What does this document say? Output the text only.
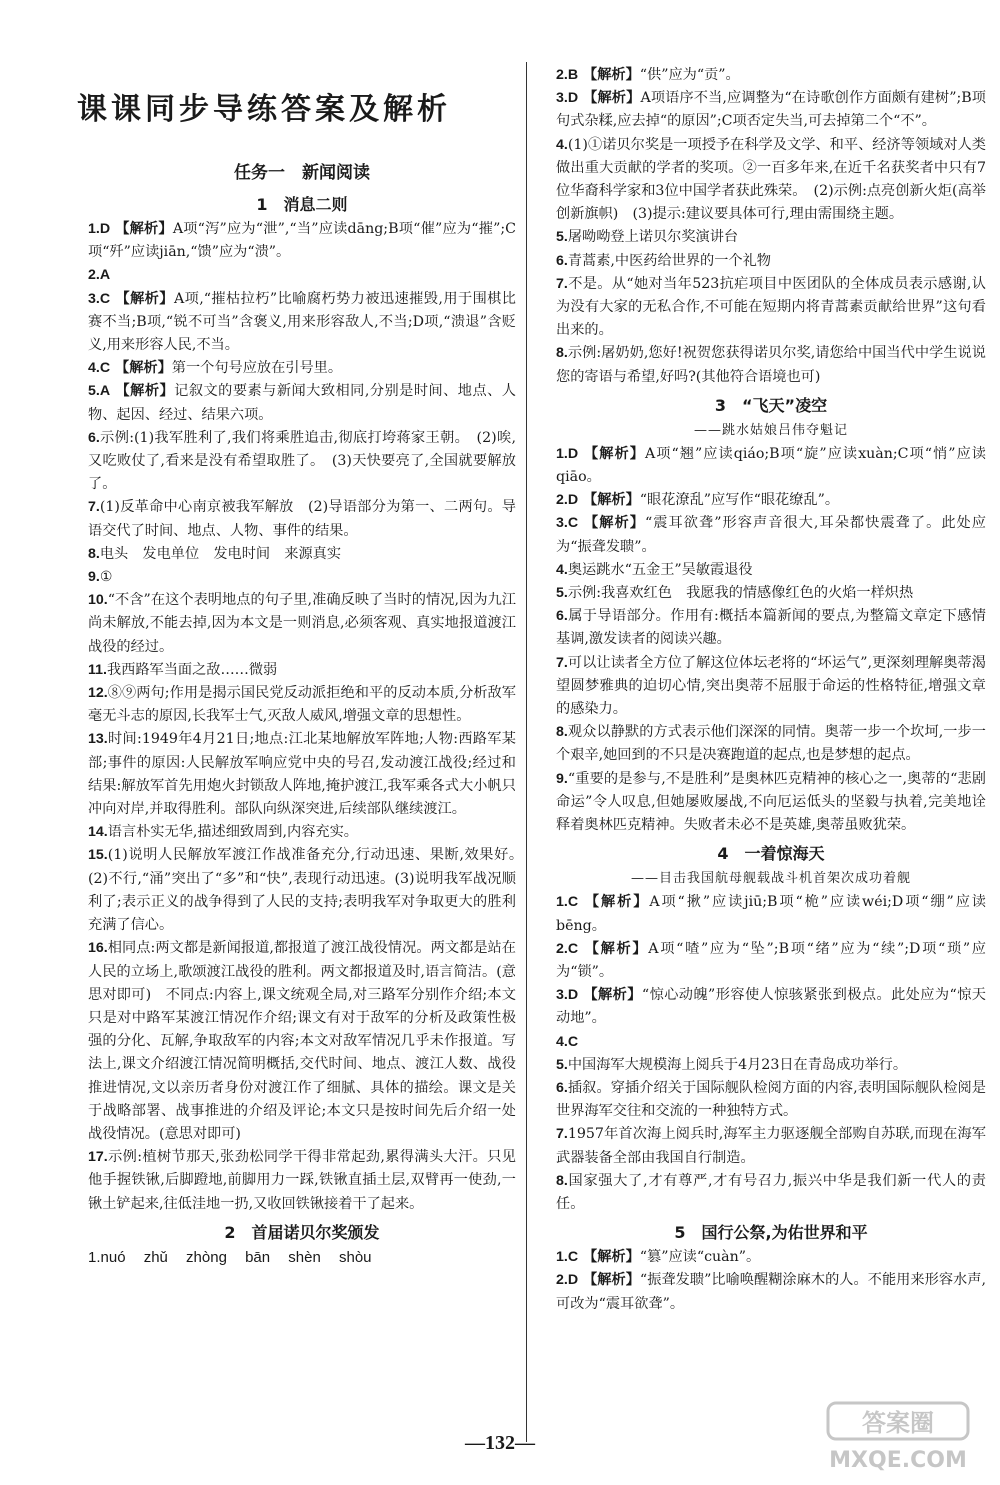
课课同步导练答案及解析
任务一　新闻阅读
1　消息二则
1.D 【解析】A项“泻”应为“泄”,“当”应读dāng;B项“催”应为“摧”;C项“歼”应读jiān,“馈”应为“溃”。
2.A
3.C 【解析】A项,“摧枯拉朽”比喻腐朽势力被迅速摧毁,用于围棋比赛不当;B项,“锐不可当”含褒义,用来形容敌人,不当;D项,“溃退”含贬义,用来形容人民,不当。
4.C 【解析】第一个句号应放在引号里。
5.A 【解析】记叙文的要素与新闻大致相同,分别是时间、地点、人物、起因、经过、结果六项。
6.示例:(1)我军胜利了,我们将乘胜追击,彻底打垮蒋家王朝。　(2)唉,又吃败仗了,看来是没有希望取胜了。　(3)天快要亮了,全国就要解放了。
7.(1)反革命中心南京被我军解放　(2)导语部分为第一、二两句。导语交代了时间、地点、人物、事件的结果。
8.电头　发电单位　发电时间　来源真实
9.①
10.“不含”在这个表明地点的句子里,准确反映了当时的情况,因为九江尚未解放,不能去掉,因为本文是一则消息,必须客观、真实地报道渡江战役的经过。
11.我西路军当面之敌……微弱
12.⑧⑨两句;作用是揭示国民党反动派拒绝和平的反动本质,分析敌军毫无斗志的原因,长我军士气,灭敌人威风,增强文章的思想性。
13.时间:1949年4月21日;地点:江北某地解放军阵地;人物:西路军某部;事件的原因:人民解放军响应党中央的号召,发动渡江战役;经过和结果:解放军首先用炮火封锁敌人阵地,掩护渡江,我军乘各式大小帆只冲向对岸,并取得胜利。部队向纵深突进,后续部队继续渡江。
14.语言朴实无华,描述细致周到,内容充实。
15.(1)说明人民解放军渡江作战准备充分,行动迅速、果断,效果好。　(2)不行,“涌”突出了“多”和“快”,表现行动迅速。(3)说明我军战况顺利了;表示正义的战争得到了人民的支持;表明我军对争取更大的胜利充满了信心。
16.相同点:两文都是新闻报道,都报道了渡江战役情况。两文都是站在人民的立场上,歌颂渡江战役的胜利。两文都报道及时,语言简洁。(意思对即可)　不同点:内容上,课文统观全局,对三路军分别作介绍;本文只是对中路军某渡江情况作介绍;课文有对于敌军的分析及政策性极强的分化、瓦解,争取敌军的内容;本文对敌军情况几乎未作报道。写法上,课文介绍渡江情况简明概括,交代时间、地点、渡江人数、战役推进情况,文以亲历者身份对渡江作了细腻、具体的描绘。课文是关于战略部署、战事推进的介绍及评论;本文只是按时间先后介绍一处战役情况。(意思对即可)
17.示例:植树节那天,张劲松同学干得非常起劲,累得满头大汗。只见他手握铁锹,后脚蹬地,前脚用力一踩,铁锹直插土层,双臂再一使劲,一锹土铲起来,往低洼地一扔,又收回铁锹接着干了起来。
2　首届诺贝尔奖颁发
1.nuó zhǔ zhòng bān shèn shòu
2.B 【解析】“供”应为“贡”。
3.D 【解析】A项语序不当,应调整为“在诗歌创作方面颇有建树”;B项句式杂糅,应去掉“的原因”;C项否定失当,可去掉第二个“不”。
4.(1)①诺贝尔奖是一项授予在科学及文学、和平、经济等领域对人类做出重大贡献的学者的奖项。②一百多年来,在近千名获奖者中只有7位华裔科学家和3位中国学者获此殊荣。　(2)示例:点亮创新火炬(高举创新旗帜)　(3)提示:建议要具体可行,理由需围绕主题。
5.屠呦呦登上诺贝尔奖演讲台
6.青蒿素,中医药给世界的一个礼物
7.不是。从“她对当年523抗疟项目中医团队的全体成员表示感谢,认为没有大家的无私合作,不可能在短期内将青蒿素贡献给世界”这句看出来的。
8.示例:屠奶奶,您好!祝贺您获得诺贝尔奖,请您给中国当代中学生说说您的寄语与希望,好吗?(其他符合语境也可)
3　“飞天”凌空
——跳水姑娘吕伟夺魁记
1.D 【解析】A项“翘”应读qiáo;B项“旋”应读xuàn;C项“悄”应读qiāo。
2.D 【解析】“眼花潦乱”应写作“眼花缭乱”。
3.C 【解析】“震耳欲聋”形容声音很大,耳朵都快震聋了。此处应为“振聋发聩”。
4.奥运跳水“五金王”吴敏霞退役
5.示例:我喜欢红色　我愿我的情感像红色的火焰一样炽热
6.属于导语部分。作用有:概括本篇新闻的要点,为整篇文章定下感情基调,激发读者的阅读兴趣。
7.可以让读者全方位了解这位体坛老将的“坏运气”,更深刻理解奥蒂渴望圆梦雅典的迫切心情,突出奥蒂不屈服于命运的性格特征,增强文章的感染力。
8.观众以静默的方式表示他们深深的同情。奥蒂一步一个坎坷,一步一个艰辛,她回到的不只是决赛跑道的起点,也是梦想的起点。
9.“重要的是参与,不是胜利”是奥林匹克精神的核心之一,奥蒂的“悲剧命运”令人叹息,但她屡败屡战,不向厄运低头的坚毅与执着,完美地诠释着奥林匹克精神。失败者未必不是英雄,奥蒂虽败犹荣。
4　一着惊海天
——目击我国航母舰载战斗机首架次成功着舰
1.C 【解析】A项“揪”应读jiū;B项“桅”应读wéi;D项“绷”应读bēng。
2.C 【解析】A项“喳”应为“坠”;B项“绪”应为“续”;D项“琐”应为“锁”。
3.D 【解析】“惊心动魄”形容使人惊骇紧张到极点。此处应为“惊天动地”。
4.C
5.中国海军大规模海上阅兵于4月23日在青岛成功举行。
6.插叙。穿插介绍关于国际舰队检阅方面的内容,表明国际舰队检阅是世界海军交往和交流的一种独特方式。
7.1957年首次海上阅兵时,海军主力驱逐舰全部购自苏联,而现在海军武器装备全部由我国自行制造。
8.国家强大了,才有尊严,才有号召力,振兴中华是我们新一代人的责任。
5　国行公祭,为佑世界和平
1.C 【解析】“篡”应读“cuàn”。
2.D 【解析】“振聋发聩”比喻唤醒糊涂麻木的人。不能用来形容水声,可改为“震耳欲聋”。
—132—
答案圈
MXQE.COM
